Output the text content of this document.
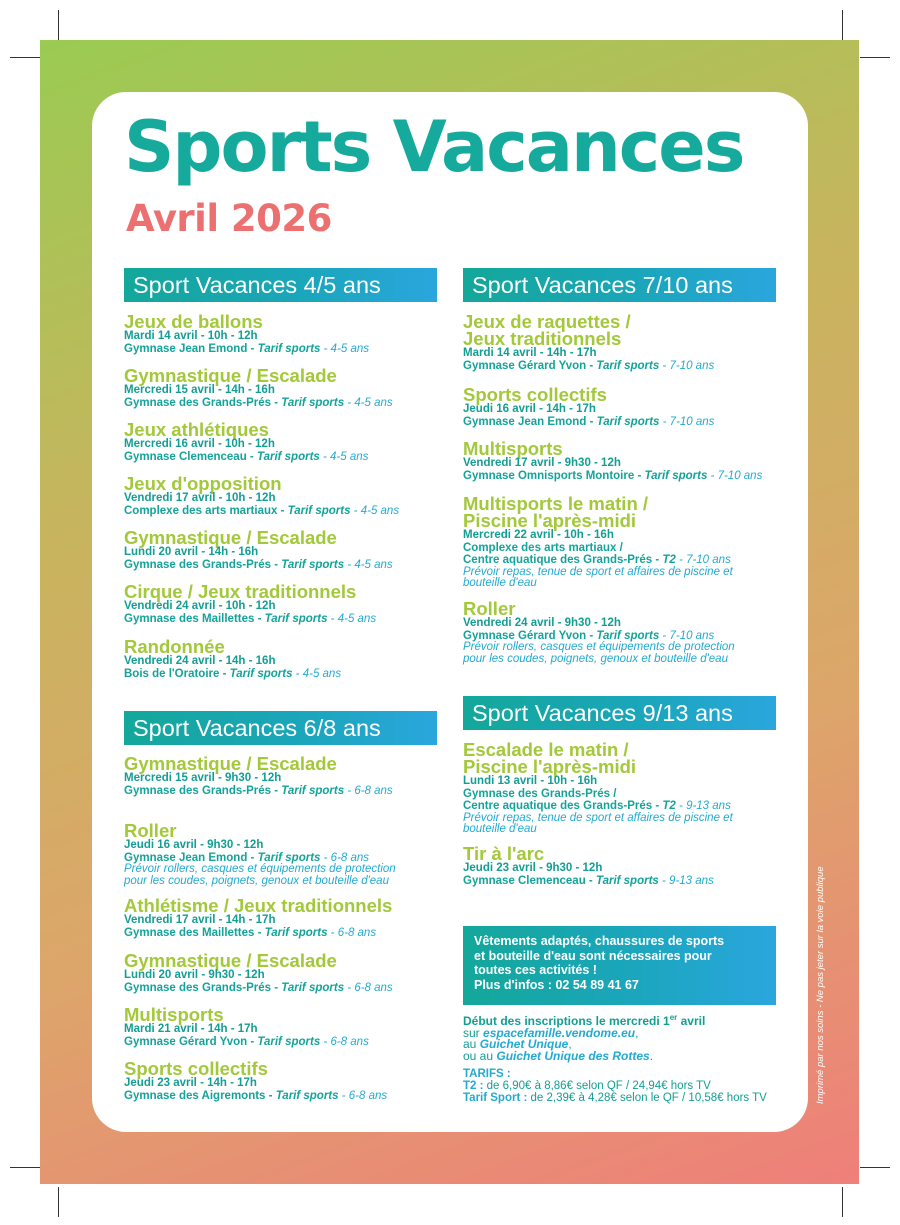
Sports Vacances
Avril 2026
Sport Vacances 4/5 ans
Jeux de ballons
Mardi 14 avril - 10h - 12h
Gymnase Jean Emond - Tarif sports - 4-5 ans
Gymnastique / Escalade
Mercredi 15 avril - 14h - 16h
Gymnase des Grands-Prés - Tarif sports - 4-5 ans
Jeux athlétiques
Mercredi 16 avril - 10h - 12h
Gymnase Clemenceau - Tarif sports - 4-5 ans
Jeux d'opposition
Vendredi 17 avril - 10h - 12h
Complexe des arts martiaux - Tarif sports - 4-5 ans
Gymnastique / Escalade
Lundi 20 avril - 14h - 16h
Gymnase des Grands-Prés - Tarif sports - 4-5 ans
Cirque / Jeux traditionnels
Vendredi 24 avril - 10h - 12h
Gymnase des Maillettes - Tarif sports - 4-5 ans
Randonnée
Vendredi 24 avril - 14h - 16h
Bois de l'Oratoire - Tarif sports - 4-5 ans
Sport Vacances 6/8 ans
Gymnastique / Escalade
Mercredi 15 avril - 9h30 - 12h
Gymnase des Grands-Prés - Tarif sports - 6-8 ans
Roller
Jeudi 16 avril - 9h30 - 12h
Gymnase Jean Emond - Tarif sports - 6-8 ans
Prévoir rollers, casques et équipements de protection
pour les coudes, poignets, genoux et bouteille d'eau
Athlétisme / Jeux traditionnels
Vendredi 17 avril - 14h - 17h
Gymnase des Maillettes - Tarif sports - 6-8 ans
Gymnastique / Escalade
Lundi 20 avril - 9h30 - 12h
Gymnase des Grands-Prés - Tarif sports - 6-8 ans
Multisports
Mardi 21 avril - 14h - 17h
Gymnase Gérard Yvon - Tarif sports - 6-8 ans
Sports collectifs
Jeudi 23 avril - 14h - 17h
Gymnase des Aigremonts - Tarif sports - 6-8 ans
Sport Vacances 7/10 ans
Jeux de raquettes /
Jeux traditionnels
Mardi 14 avril - 14h - 17h
Gymnase Gérard Yvon - Tarif sports - 7-10 ans
Sports collectifs
Jeudi 16 avril - 14h - 17h
Gymnase Jean Emond - Tarif sports - 7-10 ans
Multisports
Vendredi 17 avril - 9h30 - 12h
Gymnase Omnisports Montoire - Tarif sports - 7-10 ans
Multisports le matin /
Piscine l'après-midi
Mercredi 22 avril - 10h - 16h
Complexe des arts martiaux /
Centre aquatique des Grands-Prés - T2 - 7-10 ans
Prévoir repas, tenue de sport et affaires de piscine et
bouteille d'eau
Roller
Vendredi 24 avril - 9h30 - 12h
Gymnase Gérard Yvon - Tarif sports - 7-10 ans
Prévoir rollers, casques et équipements de protection
pour les coudes, poignets, genoux et bouteille d'eau
Sport Vacances 9/13 ans
Escalade le matin /
Piscine l'après-midi
Lundi 13 avril - 10h - 16h
Gymnase des Grands-Prés /
Centre aquatique des Grands-Prés - T2 - 9-13 ans
Prévoir repas, tenue de sport et affaires de piscine et
bouteille d'eau
Tir à l'arc
Jeudi 23 avril - 9h30 - 12h
Gymnase Clemenceau - Tarif sports - 9-13 ans
Vêtements adaptés, chaussures de sports
et bouteille d'eau sont nécessaires pour
toutes ces activités !
Plus d'infos : 02 54 89 41 67
Début des inscriptions le mercredi 1er avril
sur espacefamille.vendome.eu,
au Guichet Unique,
ou au Guichet Unique des Rottes.
TARIFS :
T2 : de 6,90€ à 8,86€ selon QF / 24,94€ hors TV
Tarif Sport : de 2,39€ à 4,28€ selon le QF / 10,58€ hors TV	Imprimé par nos soins - Ne pas jeter sur la voie publique
